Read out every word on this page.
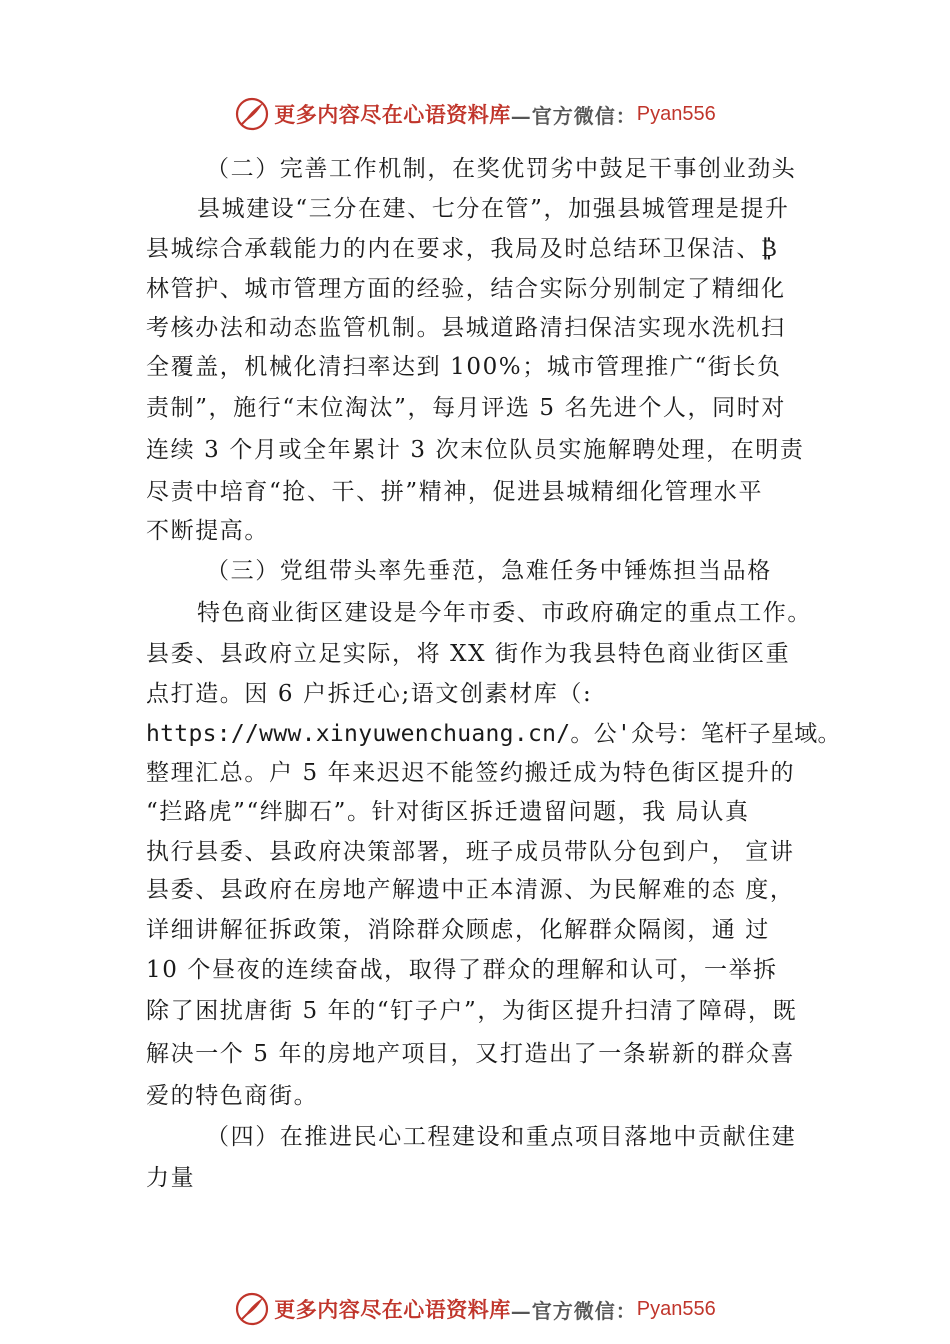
更多内容尽在心语资料库 —官方微信： Pyan556
（二）完善工作机制，在奖优罚劣中鼓足干事创业劲头
县城建设“三分在建、七分在管”，加强县城管理是提升
县城综合承载能力的内在要求，我局及时总结环卫保洁、₿
林管护、城市管理方面的经验，结合实际分别制定了精细化
考核办法和动态监管机制。县城道路清扫保洁实现水洗机扫
全覆盖，机械化清扫率达到 100%；城市管理推广“街长负
责制”，施行“末位淘汰”，每月评选 5 名先进个人，同时对
连续 3 个月或全年累计 3 次末位队员实施解聘处理，在明责
尽责中培育“抢、干、拼”精神，促进县城精细化管理水平
不断提高。
（三）党组带头率先垂范，急难任务中锤炼担当品格
特色商业街区建设是今年市委、市政府确定的重点工作。
县委、县政府立足实际，将 XX 街作为我县特色商业街区重
点打造。因 6 户拆迁心;语文创素材库（:
https://www.xinyuwenchuang.cn/。公'众号：笔杆子星域。
整理汇总。户 5 年来迟迟不能签约搬迁成为特色街区提升的
“拦路虎”“绊脚石”。针对街区拆迁遗留问题，我 局认真
执行县委、县政府决策部署，班子成员带队分包到户， 宣讲
县委、县政府在房地产解遗中正本清源、为民解难的态 度，
详细讲解征拆政策，消除群众顾虑，化解群众隔阂，通 过
10 个昼夜的连续奋战，取得了群众的理解和认可，一举拆
除了困扰唐街 5 年的“钉子户”，为街区提升扫清了障碍，既
解决一个 5 年的房地产项目，又打造出了一条崭新的群众喜
爱的特色商街。
（四）在推进民心工程建设和重点项目落地中贡献住建
力量
更多内容尽在心语资料库 —官方微信： Pyan556
